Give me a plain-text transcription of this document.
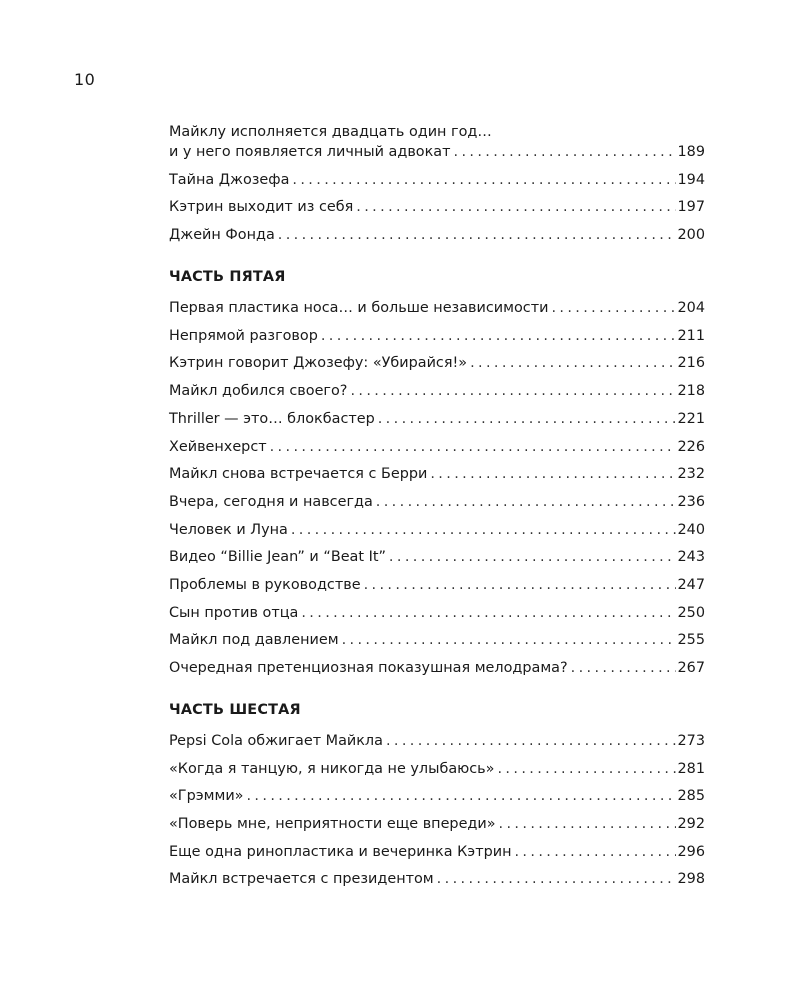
10
Майклу исполняется двадцать один год…
и у него появляется личный адвокат . . .	189
Тайна Джозефа . . .	194
Кэтрин выходит из себя . . .	197
Джейн Фонда . . .	200
ЧАСТЬ ПЯТАЯ
Первая пластика носа… и больше независимости . . .	204
Непрямой разговор . . .	211
Кэтрин говорит Джозефу: «Убирайся!» . . .	216
Майкл добился своего? . . .	218
Thriller — это… блокбастер . . .	221
Хейвенхерст . . .	226
Майкл снова встречается с Берри . . .	232
Вчера, сегодня и навсегда . . .	236
Человек и Луна . . .	240
Видео “Billie Jean” и “Beat It” . . .	243
Проблемы в руководстве . . .	247
Сын против отца . . .	250
Майкл под давлением . . .	255
Очередная претенциозная показушная мелодрама? . . .	267
ЧАСТЬ ШЕСТАЯ
Pepsi Cola обжигает Майкла . . .	273
«Когда я танцую, я никогда не улыбаюсь» . . .	281
«Грэмми» . . .	285
«Поверь мне, неприятности еще впереди» . . .	292
Еще одна ринопластика и вечеринка Кэтрин . . .	296
Майкл встречается с президентом . . .	298
